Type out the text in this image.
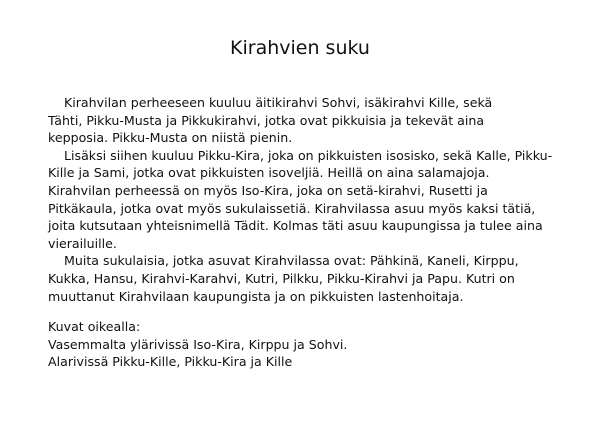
Kirahvien suku
Kirahvilan perheeseen kuuluu äitikirahvi Sohvi, isäkirahvi Kille, sekä
Tähti, Pikku-Musta ja Pikkukirahvi, jotka ovat pikkuisia ja tekevät aina
kepposia. Pikku-Musta on niistä pienin.
Lisäksi siihen kuuluu Pikku-Kira, joka on pikkuisten isosisko, sekä Kalle, Pikku-
Kille ja Sami, jotka ovat pikkuisten isoveljiä. Heillä on aina salamajoja.
Kirahvilan perheessä on myös Iso-Kira, joka on setä-kirahvi, Rusetti ja
Pitkäkaula, jotka ovat myös sukulaissetiä. Kirahvilassa asuu myös kaksi tätiä,
joita kutsutaan yhteisnimellä Tädit. Kolmas täti asuu kaupungissa ja tulee aina
vierailuille.
Muita sukulaisia, jotka asuvat Kirahvilassa ovat: Pähkinä, Kaneli, Kirppu,
Kukka, Hansu, Kirahvi-Karahvi, Kutri, Pilkku, Pikku-Kirahvi ja Papu. Kutri on
muuttanut Kirahvilaan kaupungista ja on pikkuisten lastenhoitaja.
Kuvat oikealla:
Vasemmalta ylärivissä Iso-Kira, Kirppu ja Sohvi.
Alarivissä Pikku-Kille, Pikku-Kira ja Kille
